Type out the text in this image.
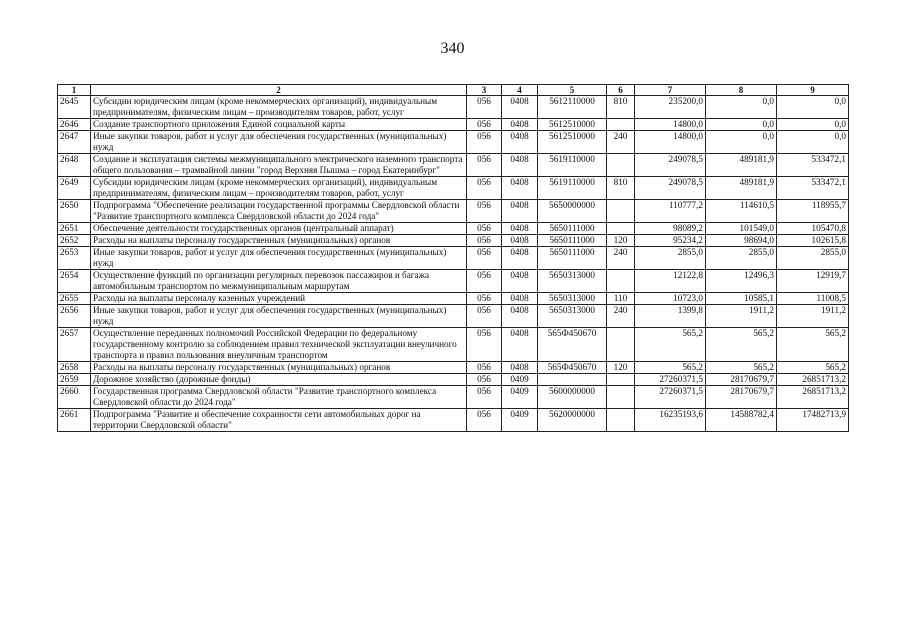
340
1	2	3	4	5	6	7	8	9
2645	Субсидии юридическим лицам (кроме некоммерческих организаций), индивидуальным предпринимателям, физическим лицам – производителям товаров, работ, услуг	056	0408	5612110000	810	235200,0	0,0	0,0
2646	Создание транспортного приложения Единой социальной карты	056	0408	5612510000		14800,0	0,0	0,0
2647	Иные закупки товаров, работ и услуг для обеспечения государственных (муниципальных) нужд	056	0408	5612510000	240	14800,0	0,0	0,0
2648	Создание и эксплуатация системы межмуниципального электрического наземного транспорта общего пользования – трамвайной линии "город Верхняя Пышма – город Екатеринбург"	056	0408	5619110000		249078,5	489181,9	533472,1
2649	Субсидии юридическим лицам (кроме некоммерческих организаций), индивидуальным предпринимателям, физическим лицам – производителям товаров, работ, услуг	056	0408	5619110000	810	249078,5	489181,9	533472,1
2650	Подпрограмма "Обеспечение реализации государственной программы Свердловской области "Развитие транспортного комплекса Свердловской области до 2024 года"	056	0408	5650000000		110777,2	114610,5	118955,7
2651	Обеспечение деятельности государственных органов (центральный аппарат)	056	0408	5650111000		98089,2	101549,0	105470,8
2652	Расходы на выплаты персоналу государственных (муниципальных) органов	056	0408	5650111000	120	95234,2	98694,0	102615,8
2653	Иные закупки товаров, работ и услуг для обеспечения государственных (муниципальных) нужд	056	0408	5650111000	240	2855,0	2855,0	2855,0
2654	Осуществление функций по организации регулярных перевозок пассажиров и багажа автомобильным транспортом по межмуниципальным маршрутам	056	0408	5650313000		12122,8	12496,3	12919,7
2655	Расходы на выплаты персоналу казенных учреждений	056	0408	5650313000	110	10723,0	10585,1	11008,5
2656	Иные закупки товаров, работ и услуг для обеспечения государственных (муниципальных) нужд	056	0408	5650313000	240	1399,8	1911,2	1911,2
2657	Осуществление переданных полномочий Российской Федерации по федеральному государственному контролю за соблюдением правил технической эксплуатации внеуличного транспорта и правил пользования внеуличным транспортом	056	0408	565Ф450670		565,2	565,2	565,2
2658	Расходы на выплаты персоналу государственных (муниципальных) органов	056	0408	565Ф450670	120	565,2	565,2	565,2
2659	Дорожное хозяйство (дорожные фонды)	056	0409			27260371,5	28170679,7	26851713,2
2660	Государственная программа Свердловской области "Развитие транспортного комплекса Свердловской области до 2024 года"	056	0409	5600000000		27260371,5	28170679,7	26851713,2
2661	Подпрограмма "Развитие и обеспечение сохранности сети автомобильных дорог на территории Свердловской области"	056	0409	5620000000		16235193,6	14588782,4	17482713,9
